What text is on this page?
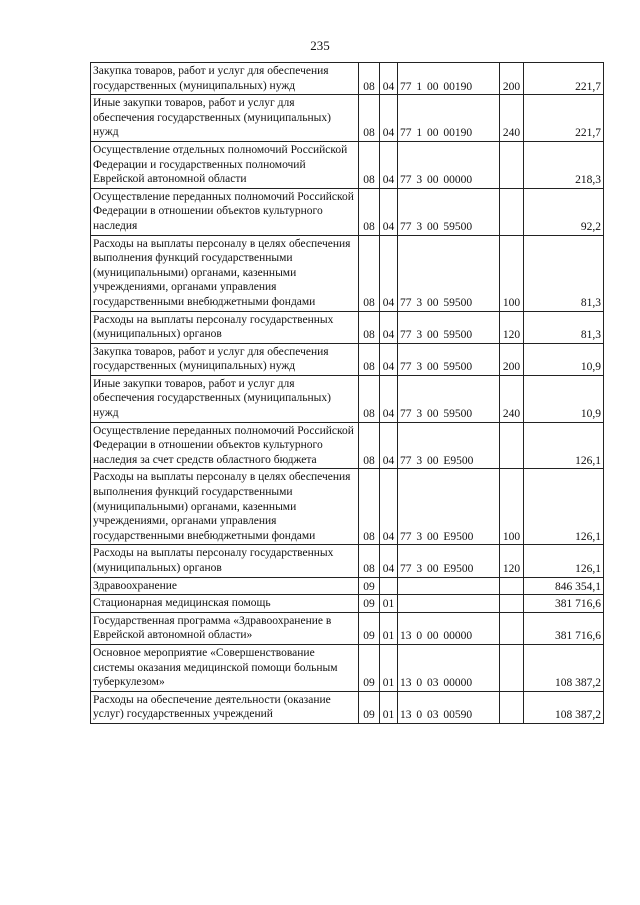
235
Закупка товаров, работ и услуг для обеспечения государственных (муниципальных) нужд	08	04	77 1 00 00190	200	221,7
Иные закупки товаров, работ и услуг для обеспечения государственных (муниципальных) нужд	08	04	77 1 00 00190	240	221,7
Осуществление отдельных полномочий Российской Федерации и государственных полномочий Еврейской автономной области	08	04	77 3 00 00000		218,3
Осуществление переданных полномочий Российской Федерации в отношении объектов культурного наследия	08	04	77 3 00 59500		92,2
Расходы на выплаты персоналу в целях обеспечения выполнения функций государственными (муниципальными) органами, казенными учреждениями, органами управления государственными внебюджетными фондами	08	04	77 3 00 59500	100	81,3
Расходы на выплаты персоналу государственных (муниципальных) органов	08	04	77 3 00 59500	120	81,3
Закупка товаров, работ и услуг для обеспечения государственных (муниципальных) нужд	08	04	77 3 00 59500	200	10,9
Иные закупки товаров, работ и услуг для обеспечения государственных (муниципальных) нужд	08	04	77 3 00 59500	240	10,9
Осуществление переданных полномочий Российской Федерации в отношении объектов культурного наследия за счет средств областного бюджета	08	04	77 3 00 E9500		126,1
Расходы на выплаты персоналу в целях обеспечения выполнения функций государственными (муниципальными) органами, казенными учреждениями, органами управления государственными внебюджетными фондами	08	04	77 3 00 E9500	100	126,1
Расходы на выплаты персоналу государственных (муниципальных) органов	08	04	77 3 00 E9500	120	126,1
Здравоохранение	09				846 354,1
Стационарная медицинская помощь	09	01			381 716,6
Государственная программа «Здравоохранение в Еврейской автономной области»	09	01	13 0 00 00000		381 716,6
Основное мероприятие «Совершенствование системы оказания медицинской помощи больным туберкулезом»	09	01	13 0 03 00000		108 387,2
Расходы на обеспечение деятельности (оказание услуг) государственных учреждений	09	01	13 0 03 00590		108 387,2
